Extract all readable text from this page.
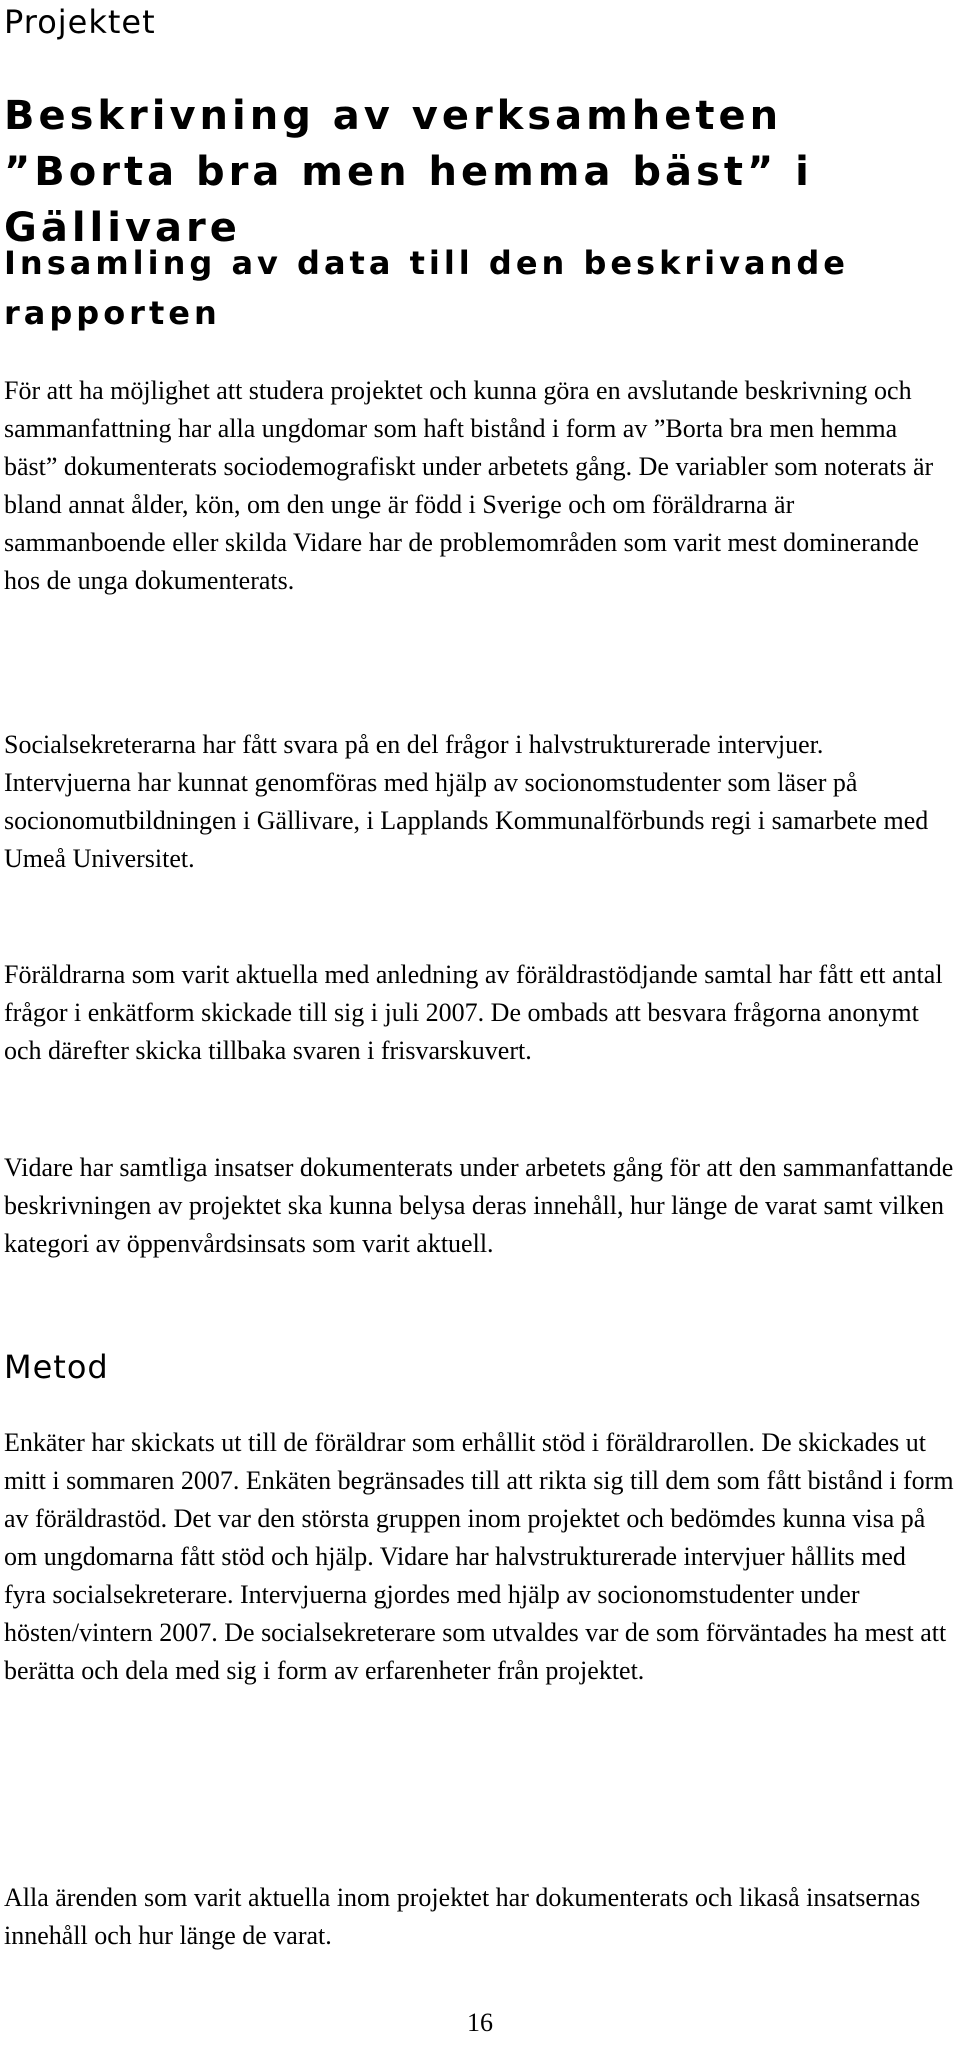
Projektet
Beskrivning av verksamheten ”Borta bra men hemma bäst” i Gällivare
Insamling av data till den beskrivande rapporten

För att ha möjlighet att studera projektet och kunna göra en avslutande beskrivning och sammanfattning har alla ungdomar som haft bistånd i form av ”Borta bra men hemma bäst” dokumenterats sociodemografiskt under arbetets gång. De variabler som noterats är bland annat ålder, kön, om den unge är född i Sverige och om föräldrarna är sammanboende eller skilda Vidare har de problemområden som varit mest dominerande hos de unga dokumenterats.

Socialsekreterarna har fått svara på en del frågor i halvstrukturerade intervjuer. Intervjuerna har kunnat genomföras med hjälp av socionomstudenter som läser på socionomutbildningen i Gällivare, i Lapplands Kommunalförbunds regi i samarbete med Umeå Universitet.

Föräldrarna som varit aktuella med anledning av föräldrastödjande samtal har fått ett antal frågor i enkätform skickade till sig i juli 2007. De ombads att besvara frågorna anonymt och därefter skicka tillbaka svaren i frisvarskuvert.

Vidare har samtliga insatser dokumenterats under arbetets gång för att den sammanfattande beskrivningen av projektet ska kunna belysa deras innehåll, hur länge de varat samt vilken kategori av öppenvårdsinsats som varit aktuell.

Metod

Enkäter har skickats ut till de föräldrar som erhållit stöd i föräldrarollen. De skickades ut mitt i sommaren 2007. Enkäten begränsades till att rikta sig till dem som fått bistånd i form av föräldrastöd. Det var den största gruppen inom projektet och bedömdes kunna visa på om ungdomarna fått stöd och hjälp. Vidare har halvstrukturerade intervjuer hållits med fyra socialsekreterare. Intervjuerna gjordes med hjälp av socionomstudenter under hösten/vintern 2007. De socialsekreterare som utvaldes var de som förväntades ha mest att berätta och dela med sig i form av erfarenheter från projektet.

Alla ärenden som varit aktuella inom projektet har dokumenterats och likaså insatsernas innehåll och hur länge de varat.

16
